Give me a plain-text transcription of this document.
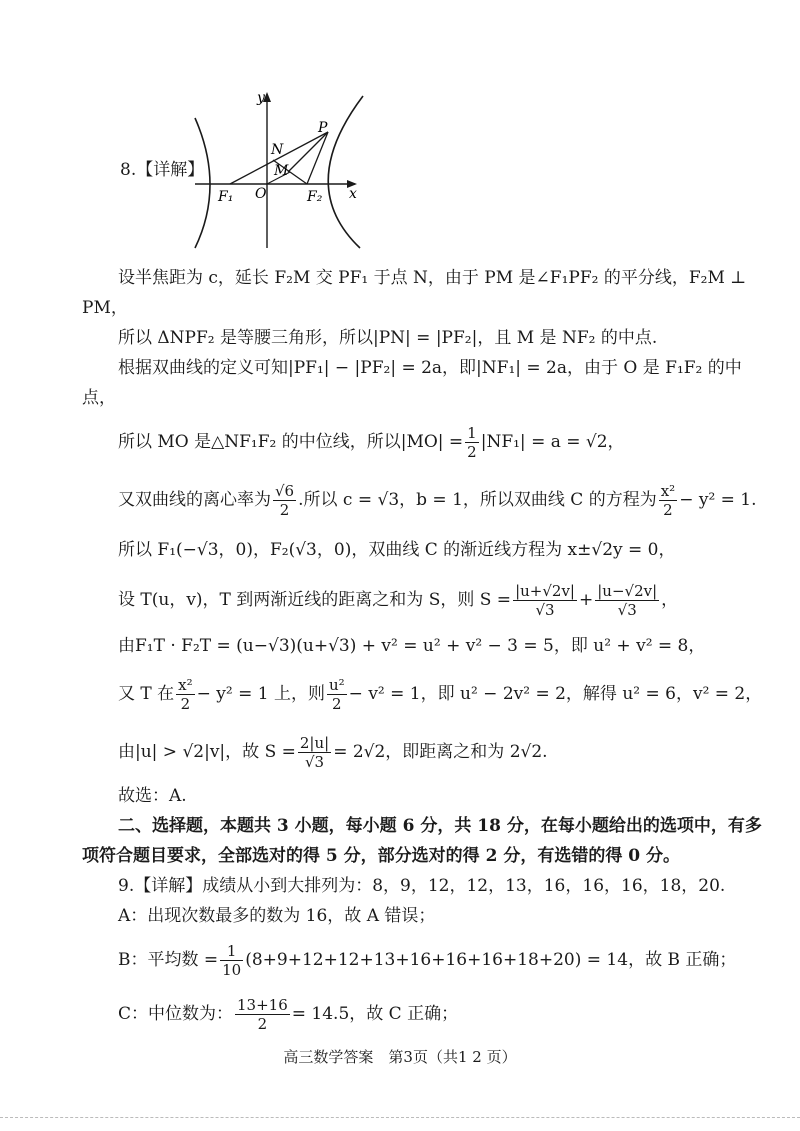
y
x
P
N
M
O
F₁	F₂
8.【详解】
设半焦距为 c，延长 F₂M 交 PF₁ 于点 N，由于 PM 是∠F₁PF₂ 的平分线，F₂M ⊥
PM，
所以 ΔNPF₂ 是等腰三角形，所以|PN| = |PF₂|，且 M 是 NF₂ 的中点.
根据双曲线的定义可知|PF₁| − |PF₂| = 2a，即|NF₁| = 2a，由于 O 是 F₁F₂ 的中
点，
所以 MO 是△NF₁F₂ 的中位线，所以$|MO| = \frac{1}{2} |NF_1| = a = √2$，
又双曲线的离心率为 $\frac{√6}{2}$ .所以 c = √3，b = 1，所以双曲线 C 的方程为 $\frac{\text{x²}}{2} - y^2 = 1$.
所以 F₁(−√3，0)，F₂(√3，0)，双曲线 C 的渐近线方程为 x±√2y = 0，
设 T(u，v)，T 到两渐近线的距离之和为 S，则 $S = \frac{|u+√2v|}{√3} + \frac{|u-√2v|}{√3}$ ，
由F₁T · F₂T = (u−√3)(u+√3) + v² = u² + v² − 3 = 5，即 u² + v² = 8，
又 T 在 $\frac{\text{x²}}{2} - y^2 = 1$ 上，则 $\frac{\text{u²}}{2} - v^2 = 1$，即 u² − 2v² = 2，解得 u² = 6，v² = 2，
由|u| > √2|v|，故 $S = \frac{2|u|}{√3} = 2√2$，即距离之和为 2√2.
故选：A.
二、选择题，本题共 3 小题，每小题 6 分，共 18 分，在每小题给出的选项中，有多
项符合题目要求，全部选对的得 5 分，部分选对的得 2 分，有选错的得 0 分。
9.【详解】成绩从小到大排列为：8，9，12，12，13，16，16，16，18，20.
A：出现次数最多的数为 16，故 A 错误；
B：平均数 = $\frac{1}{10} (8+9+12+12+13+16+16+16+18+20) = 14$，故 B 正确；
C：中位数为： $\frac{13+16}{2} = 14.5$，故 C 正确；
高三数学答案　第3页（共1 2 页）
